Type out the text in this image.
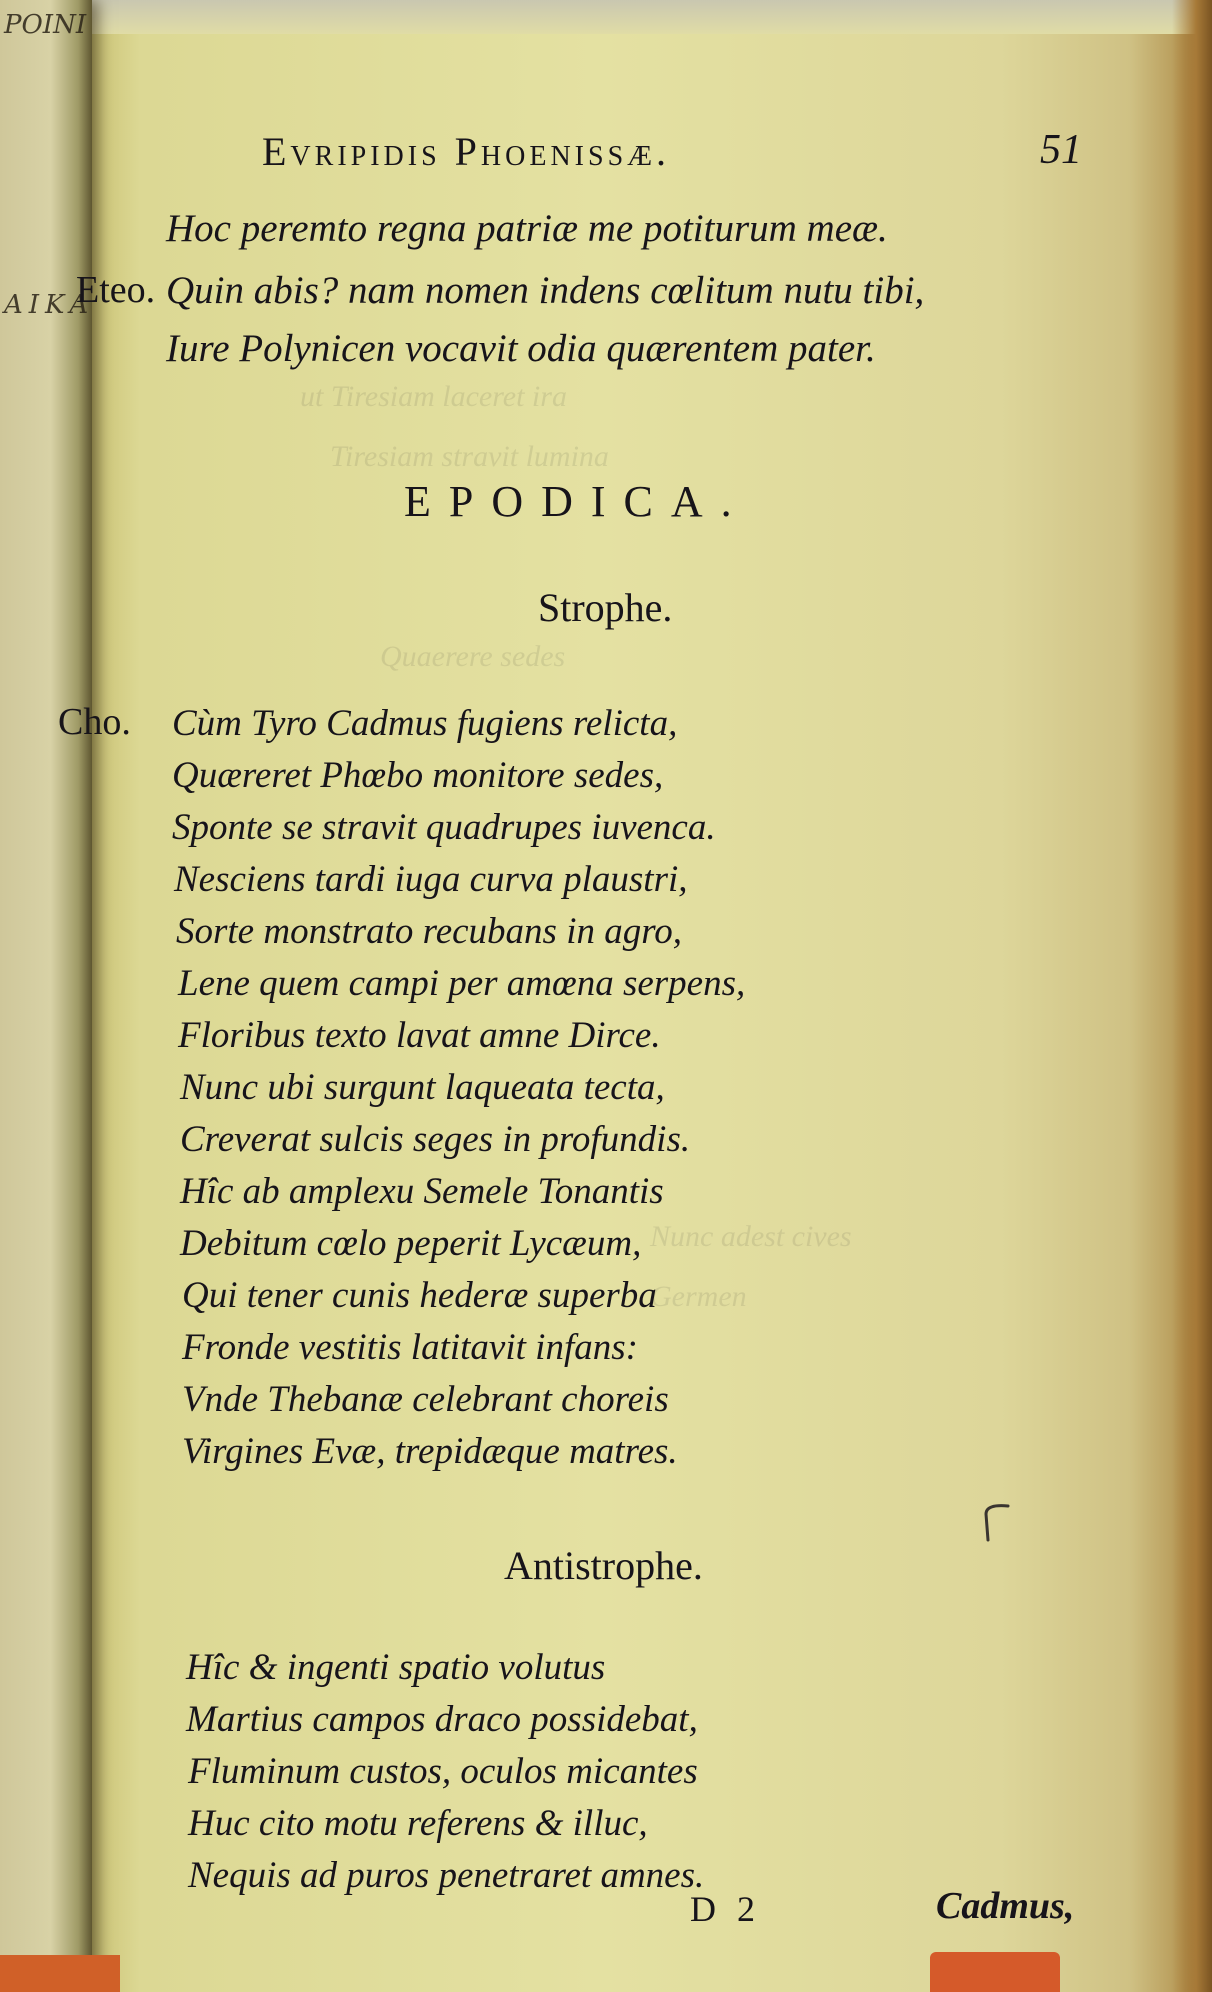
ut Tiresiam laceret ira
Tiresiam stravit lumina
Quaerere sedes
Nunc adest cives
Germen
POINI
AIKA
Evripidis Phoenissæ.	51
Hoc peremto regna patriæ me potiturum meæ.
Eteo. Quin abis? nam nomen indens cœlitum nutu tibi,
Iure Polynicen vocavit odia quærentem pater.
EPODICA.
Strophe.
Cho. Cùm Tyro Cadmus fugiens relicta,
Quæreret Phœbo monitore sedes,
Sponte se stravit quadrupes iuvenca.
Nesciens tardi iuga curva plaustri,
Sorte monstrato recubans in agro,
Lene quem campi per amœna serpens,
Floribus texto lavat amne Dirce.
Nunc ubi surgunt laqueata tecta,
Creverat sulcis seges in profundis.
Hîc ab amplexu Semele Tonantis
Debitum cœlo peperit Lycæum,
Qui tener cunis hederæ superba
Fronde vestitis latitavit infans:
Vnde Thebanæ celebrant choreis
Virgines Evæ, trepidæque matres.
Antistrophe.
Hîc & ingenti spatio volutus
Martius campos draco possidebat,
Fluminum custos, oculos micantes
Huc cito motu referens & illuc,
Nequis ad puros penetraret amnes.
D 2	Cadmus,
